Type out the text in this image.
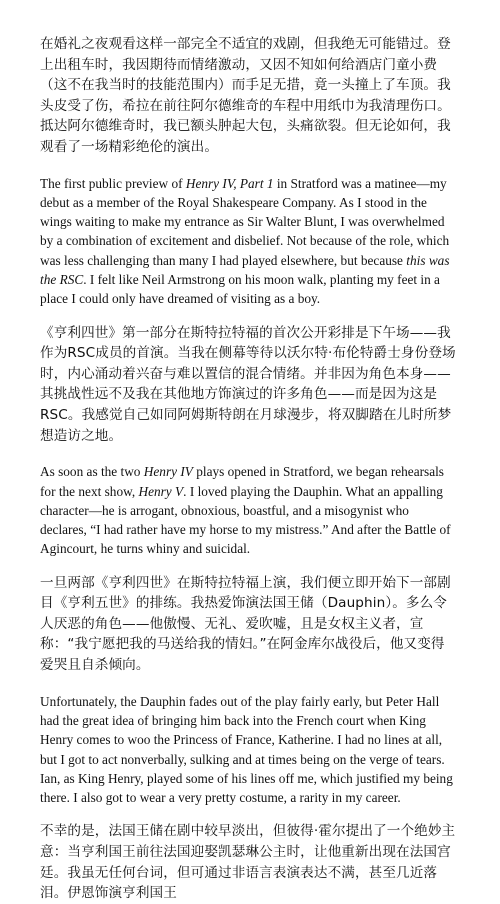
在婚礼之夜观看这样一部完全不适宜的戏剧，但我绝无可能错过。登上出租车时，我因期待而情绪激动，又因不知如何给酒店门童小费（这不在我当时的技能范围内）而手足无措，竟一头撞上了车顶。我头皮受了伤，希拉在前往阿尔德维奇的车程中用纸巾为我清理伤口。抵达阿尔德维奇时，我已额头肿起大包，头痛欲裂。但无论如何，我观看了一场精彩绝伦的演出。

The first public preview of Henry IV, Part 1 in Stratford was a matinee—my debut as a member of the Royal Shakespeare Company. As I stood in the wings waiting to make my entrance as Sir Walter Blunt, I was overwhelmed by a combination of excitement and disbelief. Not because of the role, which was less challenging than many I had played elsewhere, but because this was the RSC. I felt like Neil Armstrong on his moon walk, planting my feet in a place I could only have dreamed of visiting as a boy.

《亨利四世》第一部分在斯特拉特福的首次公开彩排是下午场——我作为RSC成员的首演。当我在侧幕等待以沃尔特·布伦特爵士身份登场时，内心涌动着兴奋与难以置信的混合情绪。并非因为角色本身——其挑战性远不及我在其他地方饰演过的许多角色——而是因为这是RSC。我感觉自己如同阿姆斯特朗在月球漫步，将双脚踏在儿时所梦想造访之地。

As soon as the two Henry IV plays opened in Stratford, we began rehearsals for the next show, Henry V. I loved playing the Dauphin. What an appalling character—he is arrogant, obnoxious, boastful, and a misogynist who declares, “I had rather have my horse to my mistress.” And after the Battle of Agincourt, he turns whiny and suicidal.

一旦两部《亨利四世》在斯特拉特福上演，我们便立即开始下一部剧目《亨利五世》的排练。我热爱饰演法国王储（Dauphin）。多么令人厌恶的角色——他傲慢、无礼、爱吹嘘，且是女权主义者，宣称：“我宁愿把我的马送给我的情妇。”在阿金库尔战役后，他又变得爱哭且自杀倾向。

Unfortunately, the Dauphin fades out of the play fairly early, but Peter Hall had the great idea of bringing him back into the French court when King Henry comes to woo the Princess of France, Katherine. I had no lines at all, but I got to act nonverbally, sulking and at times being on the verge of tears. Ian, as King Henry, played some of his lines off me, which justified my being there. I also got to wear a very pretty costume, a rarity in my career.

不幸的是，法国王储在剧中较早淡出，但彼得·霍尔提出了一个绝妙主意：当亨利国王前往法国迎娶凯瑟琳公主时，让他重新出现在法国宫廷。我虽无任何台词，但可通过非语言表演表达不满，甚至几近落泪。伊恩饰演亨利国王
